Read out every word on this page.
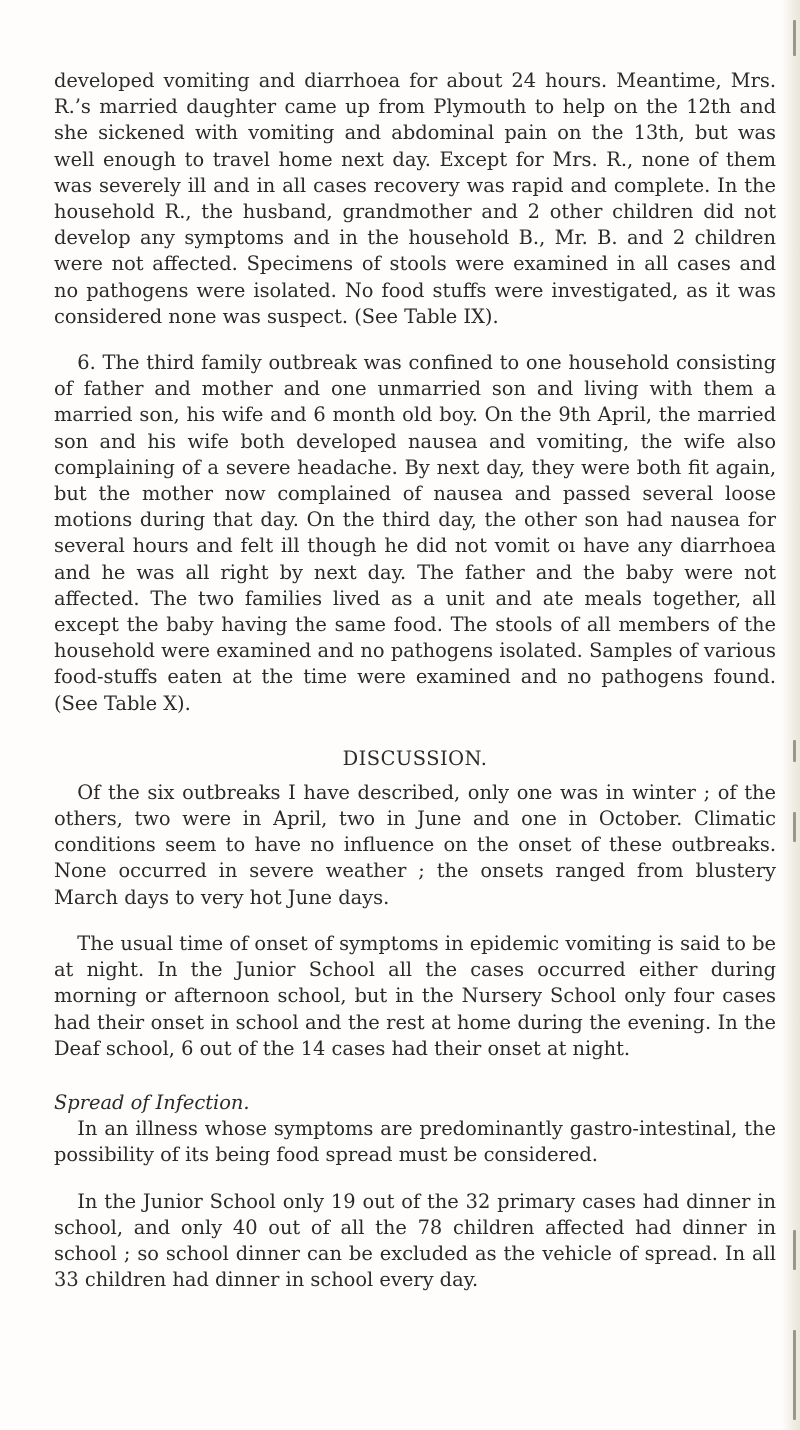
developed vomiting and diarrhoea for about 24 hours. Meantime, Mrs. R.’s married daughter came up from Plymouth to help on the 12th and she sickened with vomiting and abdominal pain on the 13th, but was well enough to travel home next day. Except for Mrs. R., none of them was severely ill and in all cases recovery was rapid and complete. In the household R., the husband, grandmother and 2 other children did not develop any symptoms and in the household B., Mr. B. and 2 children were not affected. Specimens of stools were examined in all cases and no pathogens were isolated. No food stuffs were investigated, as it was considered none was suspect. (See Table IX).

6. The third family outbreak was confined to one household consisting of father and mother and one unmarried son and living with them a married son, his wife and 6 month old boy. On the 9th April, the married son and his wife both developed nausea and vomiting, the wife also complaining of a severe headache. By next day, they were both fit again, but the mother now complained of nausea and passed several loose motions during that day. On the third day, the other son had nausea for several hours and felt ill though he did not vomit oı have any diarrhoea and he was all right by next day. The father and the baby were not affected. The two families lived as a unit and ate meals together, all except the baby having the same food. The stools of all members of the household were examined and no pathogens isolated. Samples of various food-stuffs eaten at the time were examined and no pathogens found. (See Table X).

DISCUSSION.

Of the six outbreaks I have described, only one was in winter ; of the others, two were in April, two in June and one in October. Climatic conditions seem to have no influence on the onset of these outbreaks. None occurred in severe weather ; the onsets ranged from blustery March days to very hot June days.

The usual time of onset of symptoms in epidemic vomiting is said to be at night. In the Junior School all the cases occurred either during morning or afternoon school, but in the Nursery School only four cases had their onset in school and the rest at home during the evening. In the Deaf school, 6 out of the 14 cases had their onset at night.

Spread of Infection.

In an illness whose symptoms are predominantly gastro-intestinal, the possibility of its being food spread must be considered.

In the Junior School only 19 out of the 32 primary cases had dinner in school, and only 40 out of all the 78 children affected had dinner in school ; so school dinner can be excluded as the vehicle of spread. In all 33 children had dinner in school every day.
